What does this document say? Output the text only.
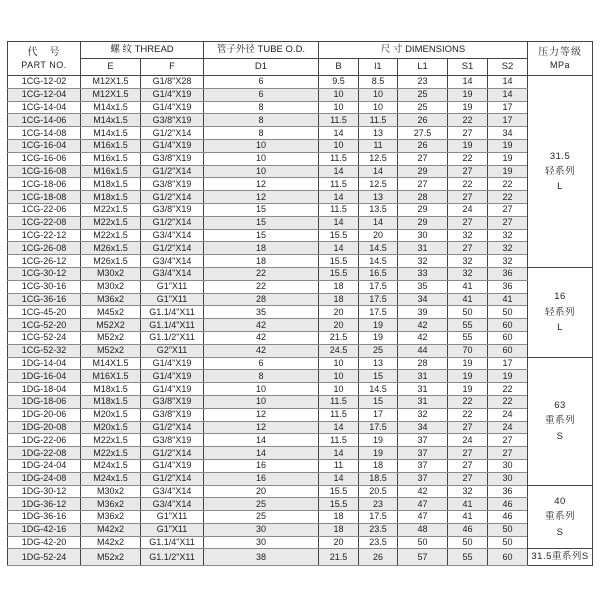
代　号
PART NO.
	螺 纹 THREAD	管子外径 TUBE O.D.	尺 寸 DIMENSIONS	压力等级
MPa

	E	F	D1	B	l1	L1	S1	S2	
1CG-12-02	M12X1.5	G1/8"X28	6	9.5	8.5	23	14	14	31.5
轻系列
L

1CG-12-04	M12X1.5	G1/4"X19	6	10	10	25	19	14	
1CG-14-04	M14x1.5	G1/4"X19	8	10	10	25	19	17	
1CG-14-06	M14x1.5	G3/8"X19	8	11.5	11.5	26	22	17	
1CG-14-08	M14x1.5	G1/2"X14	8	14	13	27.5	27	34	
1CG-16-04	M16x1.5	G1/4"X19	10	10	11	26	19	19	
1CG-16-06	M16x1.5	G3/8"X19	10	11.5	12.5	27	22	19	
1CG-16-08	M16x1.5	G1/2"X14	10	14	14	29	27	19	
1CG-18-06	M18x1.5	G3/8"X19	12	11.5	12.5	27	22	22	
1CG-18-08	M18x1.5	G1/2"X14	12	14	13	28	27	22	
1CG-22-06	M22x1.5	G3/8"X19	15	11.5	13.5	29	24	27	
1CG-22-08	M22x1.5	G1/2"X14	15	14	14	29	27	27	
1CG-22-12	M22x1.5	G3/4"X14	15	15.5	20	30	32	32	
1CG-26-08	M26x1.5	G1/2"X14	18	14	14.5	31	27	32	
1CG-26-12	M26x1.5	G3/4"X14	18	15.5	14.5	32	32	32	
1CG-30-12	M30x2	G3/4"X14	22	15.5	16.5	33	32	36	16
轻系列
L

1CG-30-16	M30x2	G1"X11	22	18	17.5	35	41	36	
1CG-36-16	M36x2	G1"X11	28	18	17.5	34	41	41	
1CG-45-20	M45x2	G1.1/4"X11	35	20	17.5	39	50	50	
1CG-52-20	M52X2	G1.1/4"X11	42	20	19	42	55	60	
1CG-52-24	M52x2	G1.1/2"X11	42	21.5	19	42	55	60	
1CG-52-32	M52x2	G2"X11	42	24.5	25	44	70	60	
1DG-14-04	M14X1.5	G1/4"X19	6	10	13	28	19	17	63
重系列
S

1DG-16-04	M16X1.5	G1/4"X19	8	10	15	31	19	19	
1DG-18-04	M18x1.5	G1/4"X19	10	10	14.5	31	19	22	
1DG-18-06	M18x1.5	G3/8"X19	10	11.5	15	31	22	22	
1DG-20-06	M20x1.5	G3/8"X19	12	11.5	17	32	22	24	
1DG-20-08	M20x1.5	G1/2"X14	12	14	17.5	34	27	24	
1DG-22-06	M22x1.5	G3/8"X19	14	11.5	19	37	24	27	
1DG-22-08	M22x1.5	G1/2"X14	14	14	19	37	27	27	
1DG-24-04	M24x1.5	G1/4"X19	16	11	18	37	27	30	
1DG-24-08	M24x1.5	G1/2"X14	16	14	18.5	37	27	30	
1DG-30-12	M30x2	G3/4"X14	20	15.5	20.5	42	32	36	40
重系列
S

1DG-36-12	M36x2	G3/4"X14	25	15.5	23	47	41	46	
1DG-36-16	M36x2	G1"X11	25	18	17.5	47	41	46	
1DG-42-16	M42x2	G1"X11	30	18	23.5	48	46	50	
1DG-42-20	M42x2	G1.1/4"X11	30	20	23.5	50	50	50	
1DG-52-24	M52x2	G1.1/2"X11	38	21.5	26	57	55	60	31.5重系列S
